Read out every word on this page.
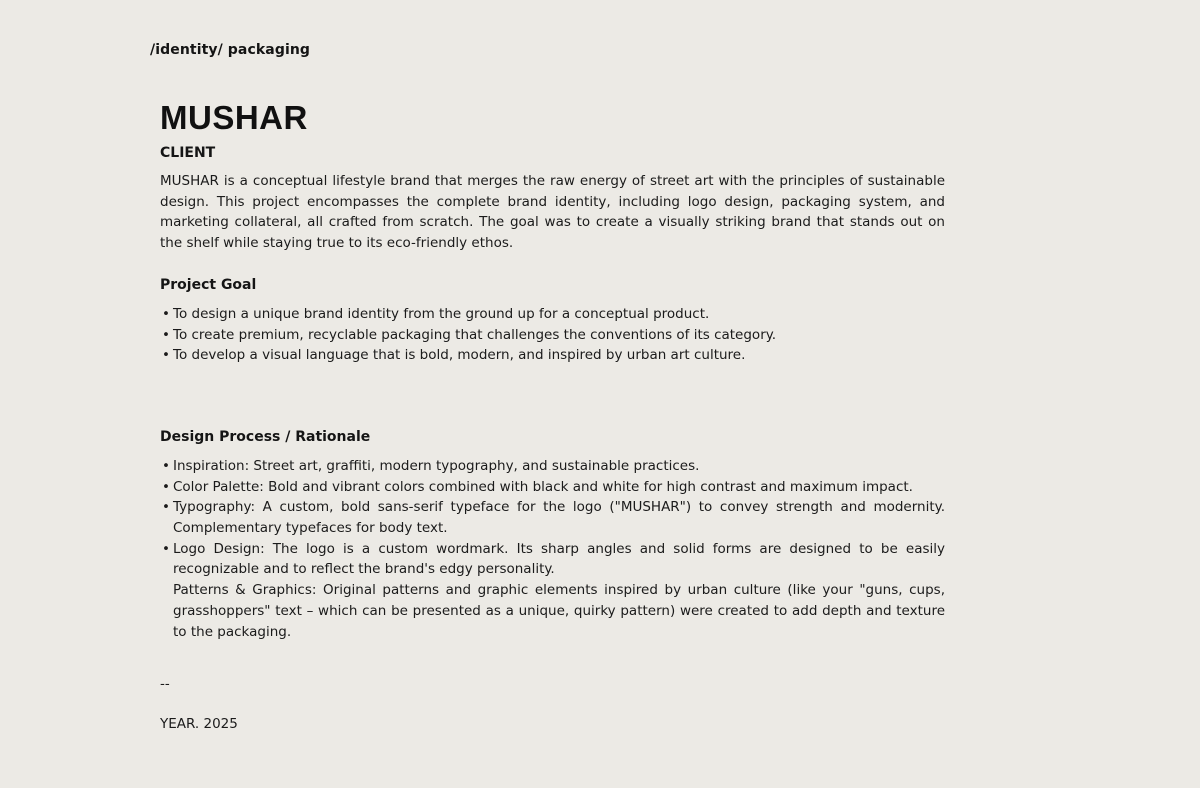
/identity/ packaging
MUSHAR
CLIENT

MUSHAR is a conceptual lifestyle brand that merges the raw energy of street art with the principles of sustainable design. This project encompasses the complete brand identity, including logo design, packaging system, and marketing collateral, all crafted from scratch. The goal was to create a visually striking brand that stands out on the shelf while staying true to its eco-friendly ethos.

Project Goal
• To design a unique brand identity from the ground up for a conceptual product.
• To create premium, recyclable packaging that challenges the conventions of its category.
• To develop a visual language that is bold, modern, and inspired by urban art culture.
Design Process / Rationale
• Inspiration: Street art, graffiti, modern typography, and sustainable practices.
• Color Palette: Bold and vibrant colors combined with black and white for high contrast and maximum impact.
• Typography: A custom, bold sans-serif typeface for the logo ("MUSHAR") to convey strength and modernity. Complementary typefaces for body text.
• Logo Design: The logo is a custom wordmark. Its sharp angles and solid forms are designed to be easily recognizable and to reflect the brand's edgy personality.
Patterns & Graphics: Original patterns and graphic elements inspired by urban culture (like your "guns, cups, grasshoppers" text – which can be presented as a unique, quirky pattern) were created to add depth and texture to the packaging.
--
YEAR. 2025
